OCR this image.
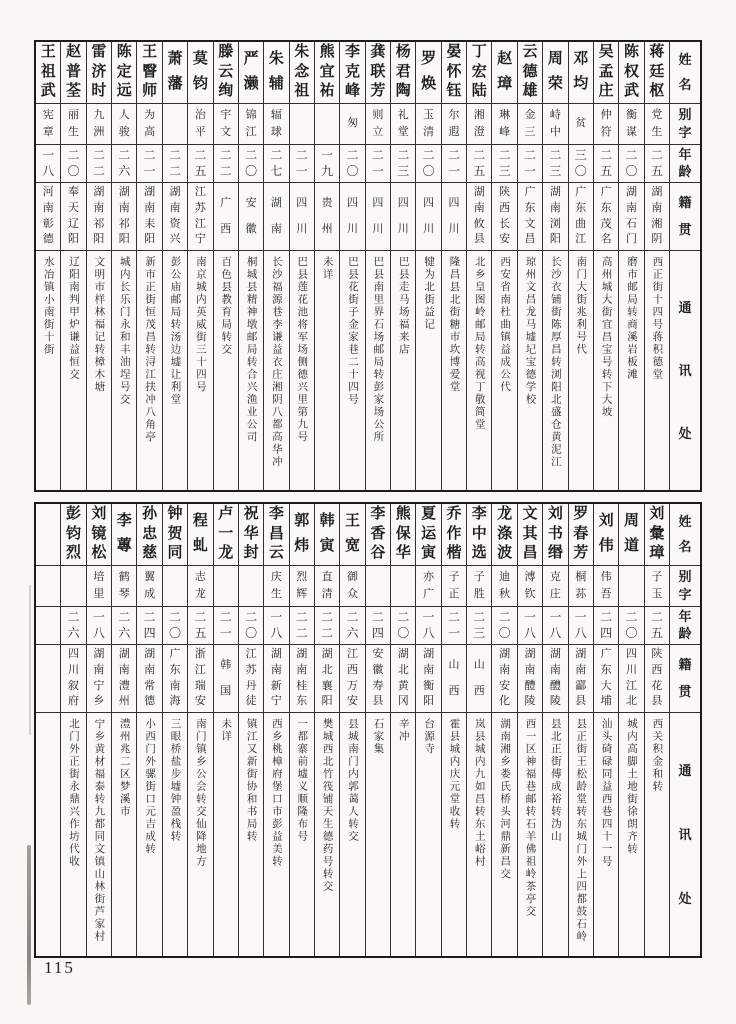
姓
名
别
字
年
龄
籍
贯
通
讯
处
蒋
廷
枢
党
生
二
五
湖
南
湘
阴
西正街十四号蒋积德堂
陈
权
武
衡
谋
二
〇
湖
南
石
门
磨市邮局转商溪岩板滩
吴
孟
庄
仲
符
二
五
广
东
茂
名
高州城大街宜昌宝号转下大坡
邓
均
贫
三
〇
广
东
曲
江
南门大街兆利号代
周
荣
峙
中
二
三
湖
南
浏
阳
长沙衣铺街陈厚昌转浏阳北盛仓黄泥江
云
德
雄
金
三
二
一
广
东
文
昌
琼州文昌龙马墟圮宝德学校
赵
璋
琳
峰
二
三
陕
西
长
安
西安省南杜曲镇益成公代
丁
宏
陆
湘
澄
二
五
湖
南
攸
县
北乡皇图岭邮局转高视丁敬简堂
晏
怀
钰
尔
遐
二
一
四
川
隆昌县北街糖市坎博爱堂
罗
焕
玉
清
二
〇
四
川
犍为北街益记
杨
君
陶
礼
堂
二
三
四
川
巴县走马场福来店
龚
联
芳
则
立
二
一
四
川
巴县南里界石场邮局转彭家场公所
李
克
峰
匆
二
〇
四
川
巴县花街子金家巷二十四号
熊
宜
祐
一
九
贵
州
未详
朱
念
祖
二
一
四
川
巴县莲花池将军场侧德兴里第九号
朱
辅
辐
球
二
七
湖
南
长沙福源巷李谦益衣庄湘阴八都高华冲
严
濑
锦
江
二
〇
安
徽
桐城县精神墩邮局转合兴渔业公司
滕
云
绚
宇
文
二
二
广
西
百色县教育局转交
莫
钧
治
平
二
五
江
苏
江
宁
南京城内英威街三十四号
萧
藩
二
二
湖
南
资
兴
彭公庙邮局转汤边墟让利堂
王
瞖
师
为
高
二
一
湖
南
耒
阳
新市正街恒茂昌转浔江扶冲八角亭
陈
定
远
人
骏
二
六
湖
南
祁
阳
城内长乐门永和丰油埕号交
雷
济
时
九
洲
二
二
湖
南
祁
阳
文明市样林福记转樟木塘
赵
普
荃
丽
生
二
〇
奉
天
辽
阳
辽阳南判甲炉谦益恒交
王
祖
武
宪
章
一
八
河
南
彰
德
水冶镇小南街十街
姓
名
别
字
年
龄
籍
贯
通
讯
处
刘
彙
璋
子
玉
二
五
陕
西
花
县
西关积金和转
周
道
二
〇
四
川
江
北
城内高脚土地街徐朗齐转
刘
伟
伟
吾
二
四
广
东
大
埔
汕头碕碌同益西巷四十一号
罗
春
芳
桐
荪
一
八
湖
南
酃
县
县正街王松龄堂转东城门外上四都鼓石岭
刘
书
缗
克
庄
一
八
湖
南
醴
陵
县北正街傅成裕转沩山
文
其
昌
溥
钦
一
八
湖
南
醴
陵
西一区神福巷邮转石羊佛祖岭茶亭交
龙
涤
波
迪
秋
二
〇
湖
南
安
化
湖南湘乡娄氏桥头河鼎新昌交
李
中
选
子
胜
二
三
山
西
岚县城内九如昌转东土峪村
乔
作
楷
子
正
二
一
山
西
霍县城内庆元堂收转
夏
运
寅
亦
广
一
八
湖
南
衡
阳
台源寺
熊
保
华
二
〇
湖
北
黄
冈
辛冲
李
香
谷
二
四
安
徽
寿
县
石家集
王
宽
御
众
二
六
江
西
万
安
县城南门内郭蔼人转交
韩
寅
直
清
二
二
湖
北
襄
阳
樊城西北竹筏铺天生德药号转交
郭
炜
烈
辉
二
二
湖
南
桂
东
一都寨前墟义顺隆布号
李
昌
云
庆
生
一
八
湖
南
新
宁
西乡桃樟府堡口市彭益美转
祝
华
封
二
〇
江
苏
丹
徒
镇江又新街协和书局转
卢
一
龙
二
一
韩
国
未详
程
虬
志
龙
二
五
浙
江
瑞
安
南门镇乡公会转交仙降地方
钟
贺
同
二
〇
广
东
南
海
三眼桥盐步墟钟盈栈转
孙
忠
慈
翼
成
二
四
湖
南
常
德
小西门外骡街口元吉成转
李
蓴
鹤
琴
二
六
湖
南
澧
州
澧州兆二区梦溪市
刘
镜
松
培
里
一
八
湖
南
宁
乡
宁乡黄材福泰转九都同文镇山林街芦家村
彭
钧
烈
二
六
四
川
叙
府
北门外正街永鼎兴作坊代收
115
